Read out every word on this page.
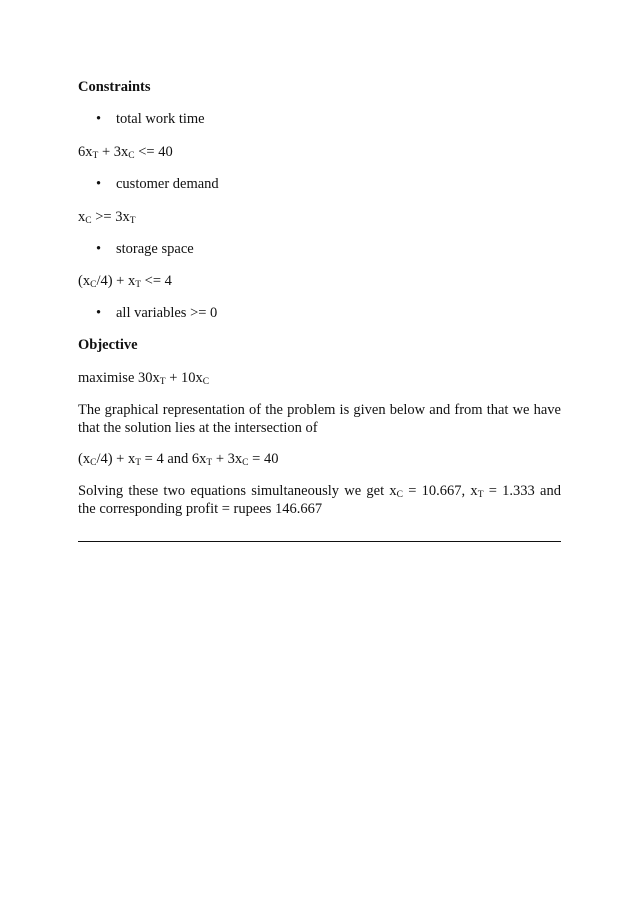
Constraints
• total work time
$6x_T + 3x_C <= 40$
• customer demand
$x_C >= 3x_T$
• storage space
$(x_C/4) + x_T <= 4$
• all variables >= 0
Objective
maximise $30x_T + 10x_C$
The graphical representation of the problem is given below and from that we have that the solution lies at the intersection of
$(x_C/4) + x_T = 4$ and $6x_T + 3x_C = 40$
Solving these two equations simultaneously we get $x_C = 10.667$, $x_T = 1.333$ and the corresponding profit = rupees 146.667
